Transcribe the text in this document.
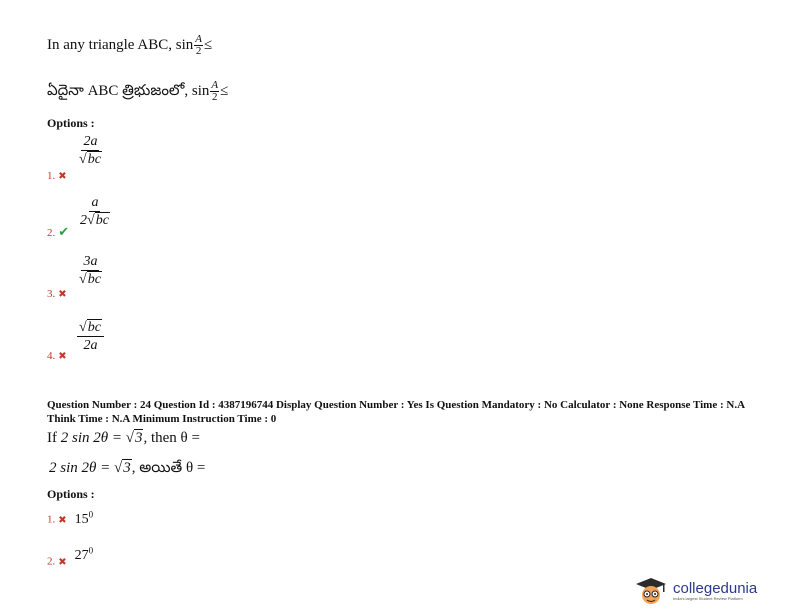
In any triangle ABC, $\sin \frac{A}{2}$ ≤
ఏదైనా ABC త్రిభుజంలో, $\sin \frac{A}{2}$ ≤
Options :
$\frac{2a}{√bc}$
1. ✖
$\frac{a}{2√bc}$
2. ✔
$\frac{3a}{√bc}$
3. ✖
$\frac{√bc}{2a}$
4. ✖
Question Number : 24 Question Id : 4387196744 Display Question Number : Yes Is Question Mandatory : No Calculator : None Response Time : N.A Think Time : N.A Minimum Instruction Time : 0
If 2 sin 2θ = √3, then θ =
2 sin 2θ = √3, అయితే θ =
Options :
1. ✖ $15^0$
2. ✖ $27^0$
collegedunia
India's largest Student Review Platform
